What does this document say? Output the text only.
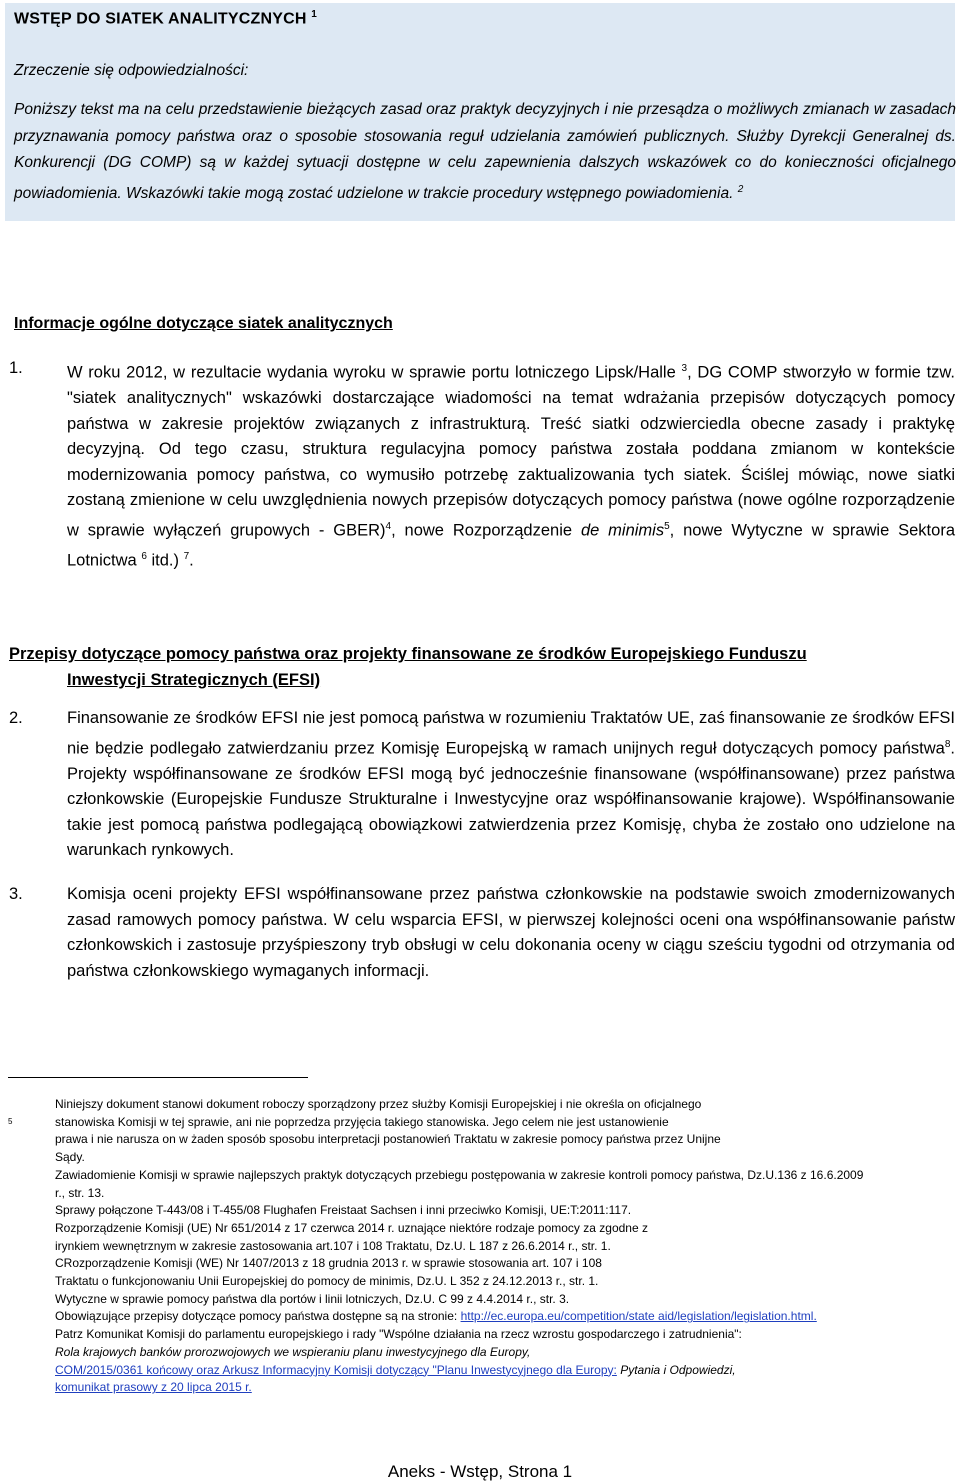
WSTĘP DO SIATEK ANALITYCZNYCH $^1$

Zrzeczenie się odpowiedzialności:

Poniższy tekst ma na celu przedstawienie bieżących zasad oraz praktyk decyzyjnych i nie przesądza o możliwych zmianach w zasadach przyznawania pomocy państwa oraz o sposobie stosowania reguł udzielania zamówień publicznych. Służby Dyrekcji Generalnej ds. Konkurencji (DG COMP) są w każdej sytuacji dostępne w celu zapewnienia dalszych wskazówek co do konieczności oficjalnego powiadomienia. Wskazówki takie mogą zostać udzielone w trakcie procedury wstępnego powiadomienia. $^2$

Informacje ogólne dotyczące siatek analitycznych
1.	W roku 2012, w rezultacie wydania wyroku w sprawie portu lotniczego Lipsk/Halle $^3$, DG COMP stworzyło w formie tzw. "siatek analitycznych" wskazówki dostarczające wiadomości na temat wdrażania przepisów dotyczących pomocy państwa w zakresie projektów związanych z infrastrukturą. Treść siatki odzwierciedla obecne zasady i praktykę decyzyjną. Od tego czasu, struktura regulacyjna pomocy państwa została poddana zmianom w kontekście modernizowania pomocy państwa, co wymusiło potrzebę zaktualizowania tych siatek. Ściślej mówiąc, nowe siatki zostaną zmienione w celu uwzględnienia nowych przepisów dotyczących pomocy państwa (nowe ogólne rozporządzenie w sprawie wyłączeń grupowych - GBER)$^4$, nowe Rozporządzenie de minimis$^5$, nowe Wytyczne w sprawie Sektora Lotnictwa $^6$ itd.) $^7$.
Przepisy dotyczące pomocy państwa oraz projekty finansowane ze środków Europejskiego Funduszu
Inwestycji Strategicznych (EFSI)
2.	Finansowanie ze środków EFSI nie jest pomocą państwa w rozumieniu Traktatów UE, zaś finansowanie ze środków EFSI nie będzie podlegało zatwierdzaniu przez Komisję Europejską w ramach unijnych reguł dotyczących pomocy państwa$^8$. Projekty współfinansowane ze środków EFSI mogą być jednocześnie finansowane (współfinansowane) przez państwa członkowskie (Europejskie Fundusze Strukturalne i Inwestycyjne oraz współfinansowanie krajowe). Współfinansowanie takie jest pomocą państwa podlegającą obowiązkowi zatwierdzenia przez Komisję, chyba że zostało ono udzielone na warunkach rynkowych.
3.	Komisja oceni projekty EFSI współfinansowane przez państwa członkowskie na podstawie swoich zmodernizowanych zasad ramowych pomocy państwa. W celu wsparcia EFSI, w pierwszej kolejności oceni ona współfinansowanie państw członkowskich i zastosuje przyśpieszony tryb obsługi w celu dokonania oceny w ciągu sześciu tygodni od otrzymania od państwa członkowskiego wymaganych informacji.
5
Niniejszy dokument stanowi dokument roboczy sporządzony przez służby Komisji Europejskiej i nie określa on oficjalnego
stanowiska Komisji w tej sprawie, ani nie poprzedza przyjęcia takiego stanowiska. Jego celem nie jest ustanowienie
prawa i nie narusza on w żaden sposób sposobu interpretacji postanowień Traktatu w zakresie pomocy państwa przez Unijne
Sądy.
Zawiadomienie Komisji w sprawie najlepszych praktyk dotyczących przebiegu postępowania w zakresie kontroli pomocy państwa, Dz.U.136 z 16.6.2009
r., str. 13.
Sprawy połączone T-443/08 i T-455/08 Flughafen Freistaat Sachsen i inni przeciwko Komisji, UE:T:2011:117.
Rozporządzenie Komisji (UE) Nr 651/2014 z 17 czerwca 2014 r. uznające niektóre rodzaje pomocy za zgodne z
irynkiem wewnętrznym w zakresie zastosowania art.107 i 108 Traktatu, Dz.U. L 187 z 26.6.2014 r., str. 1.
CRozporządzenie Komisji (WE) Nr 1407/2013 z 18 grudnia 2013 r. w sprawie stosowania art. 107 i 108
Traktatu o funkcjonowaniu Unii Europejskiej do pomocy de minimis, Dz.U. L 352 z 24.12.2013 r., str. 1.
Wytyczne w sprawie pomocy państwa dla portów i linii lotniczych, Dz.U. C 99 z 4.4.2014 r., str. 3.
Obowiązujące przepisy dotyczące pomocy państwa dostępne są na stronie: http://ec.europa.eu/competition/state aid/legislation/legislation.html.
Patrz Komunikat Komisji do parlamentu europejskiego i rady "Wspólne działania na rzecz wzrostu gospodarczego i zatrudnienia":
Rola krajowych banków prorozwojowych we wspieraniu planu inwestycyjnego dla Europy,
COM/2015/0361 końcowy oraz Arkusz Informacyjny Komisji dotyczący "Planu Inwestycyjnego dla Europy: Pytania i Odpowiedzi,
komunikat prasowy z 20 lipca 2015 r.
Aneks - Wstęp, Strona 1
